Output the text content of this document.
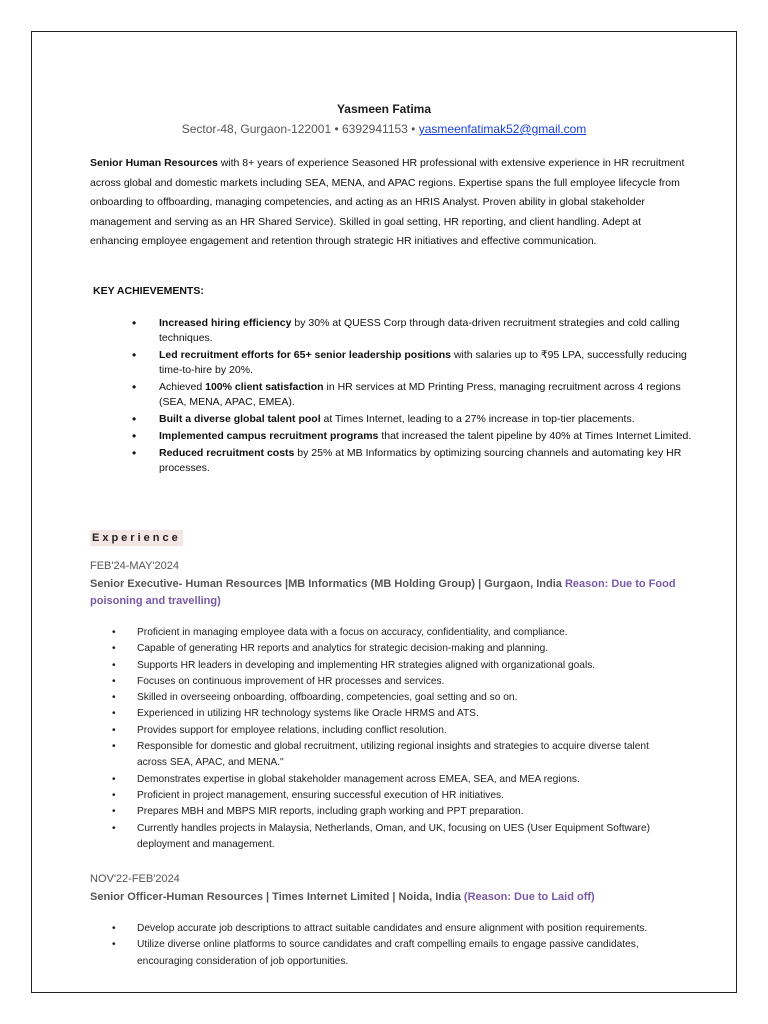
Yasmeen Fatima
Sector-48, Gurgaon-122001 • 6392941153 • yasmeenfatimak52@gmail.com
Senior Human Resources with 8+ years of experience Seasoned HR professional with extensive experience in HR recruitment across global and domestic markets including SEA, MENA, and APAC regions. Expertise spans the full employee lifecycle from onboarding to offboarding, managing competencies, and acting as an HRIS Analyst. Proven ability in global stakeholder management and serving as an HR Shared Service). Skilled in goal setting, HR reporting, and client handling. Adept at enhancing employee engagement and retention through strategic HR initiatives and effective communication.
KEY ACHIEVEMENTS:
• Increased hiring efficiency by 30% at QUESS Corp through data-driven recruitment strategies and cold calling techniques.
• Led recruitment efforts for 65+ senior leadership positions with salaries up to ₹95 LPA, successfully reducing time-to-hire by 20%.
• Achieved 100% client satisfaction in HR services at MD Printing Press, managing recruitment across 4 regions (SEA, MENA, APAC, EMEA).
• Built a diverse global talent pool at Times Internet, leading to a 27% increase in top-tier placements.
• Implemented campus recruitment programs that increased the talent pipeline by 40% at Times Internet Limited.
• Reduced recruitment costs by 25% at MB Informatics by optimizing sourcing channels and automating key HR processes.
Experience
FEB'24-MAY'2024
Senior Executive- Human Resources |MB Informatics (MB Holding Group) | Gurgaon, India Reason: Due to Food poisoning and travelling)
• Proficient in managing employee data with a focus on accuracy, confidentiality, and compliance.
• Capable of generating HR reports and analytics for strategic decision-making and planning.
• Supports HR leaders in developing and implementing HR strategies aligned with organizational goals.
• Focuses on continuous improvement of HR processes and services.
• Skilled in overseeing onboarding, offboarding, competencies, goal setting and so on.
• Experienced in utilizing HR technology systems like Oracle HRMS and ATS.
• Provides support for employee relations, including conflict resolution.
• Responsible for domestic and global recruitment, utilizing regional insights and strategies to acquire diverse talent across SEA, APAC, and MENA."
• Demonstrates expertise in global stakeholder management across EMEA, SEA, and MEA regions.
• Proficient in project management, ensuring successful execution of HR initiatives.
• Prepares MBH and MBPS MIR reports, including graph working and PPT preparation.
• Currently handles projects in Malaysia, Netherlands, Oman, and UK, focusing on UES (User Equipment Software) deployment and management.
NOV'22-FEB'2024
Senior Officer-Human Resources | Times Internet Limited | Noida, India (Reason: Due to Laid off)
• Develop accurate job descriptions to attract suitable candidates and ensure alignment with position requirements.
• Utilize diverse online platforms to source candidates and craft compelling emails to engage passive candidates, encouraging consideration of job opportunities.
